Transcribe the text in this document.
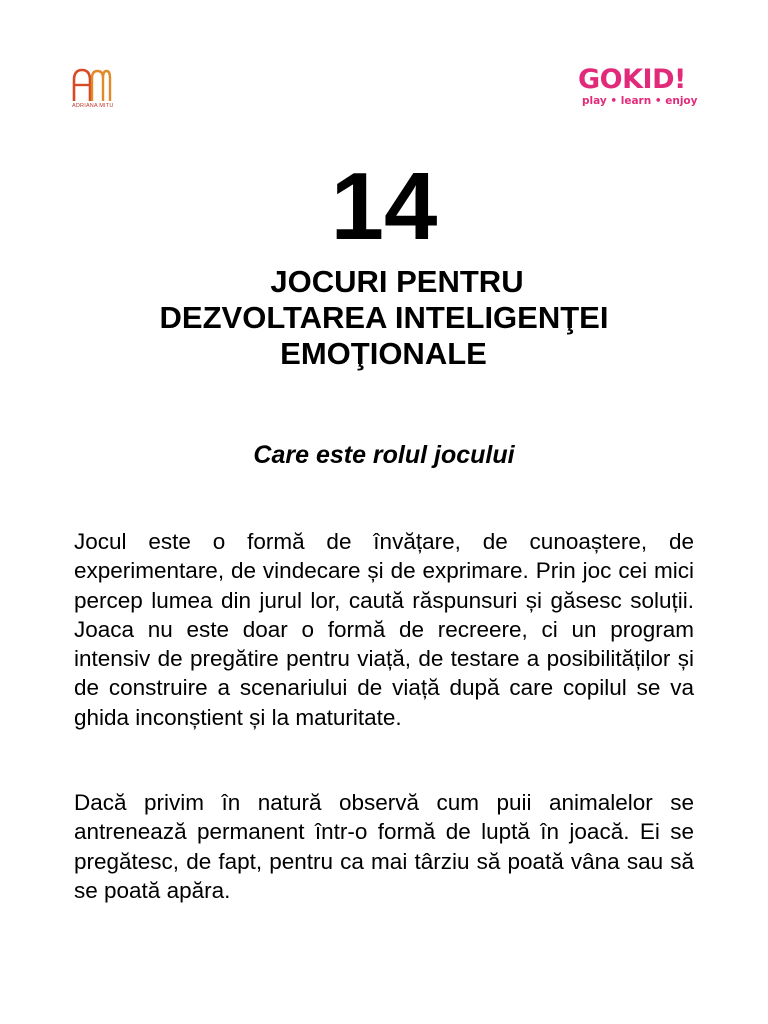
ADRIANA MITU
GOKID!
play • learn • enjoy
14
JOCURI PENTRU
DEZVOLTAREA INTELIGENŢEI
EMOŢIONALE
Care este rolul jocului

Jocul este o formă de învățare, de cunoaștere, de experimentare, de vindecare și de exprimare. Prin joc cei mici percep lumea din jurul lor, caută răspunsuri și găsesc soluții. Joaca nu este doar o formă de recreere, ci un program intensiv de pregătire pentru viață, de testare a posibilităților și de construire a scenariului de viață după care copilul se va ghida inconștient și la maturitate.

Dacă privim în natură observă cum puii animalelor se antrenează permanent într-o formă de luptă în joacă. Ei se pregătesc, de fapt, pentru ca mai târziu să poată vâna sau să se poată apăra.
